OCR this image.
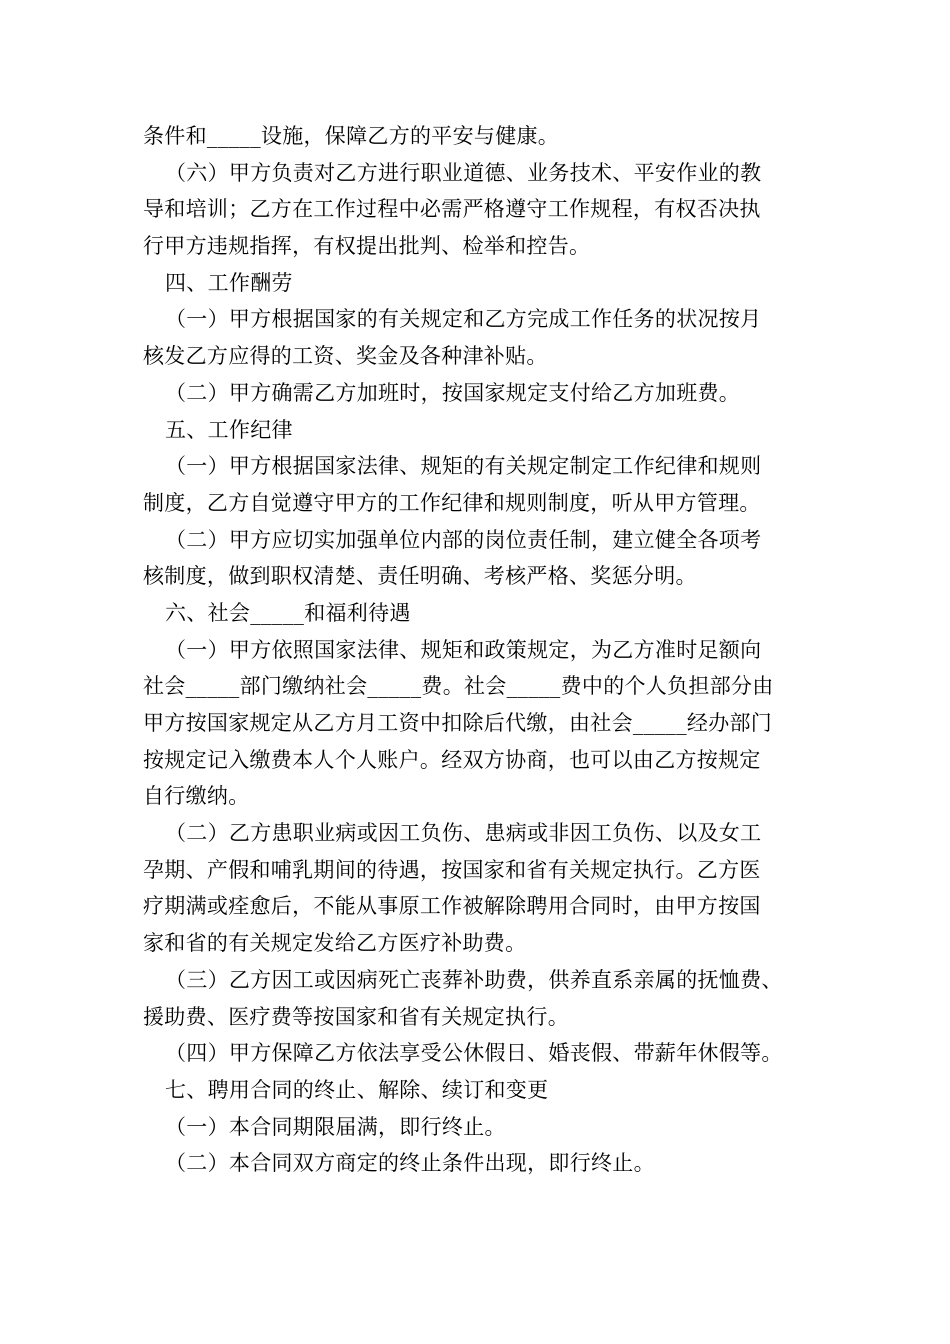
条件和_____设施，保障乙方的平安与健康。
（六）甲方负责对乙方进行职业道德、业务技术、平安作业的教
导和培训；乙方在工作过程中必需严格遵守工作规程，有权否决执
行甲方违规指挥，有权提出批判、检举和控告。
四、工作酬劳
（一）甲方根据国家的有关规定和乙方完成工作任务的状况按月
核发乙方应得的工资、奖金及各种津补贴。
（二）甲方确需乙方加班时，按国家规定支付给乙方加班费。
五、工作纪律
（一）甲方根据国家法律、规矩的有关规定制定工作纪律和规则
制度，乙方自觉遵守甲方的工作纪律和规则制度，听从甲方管理。
（二）甲方应切实加强单位内部的岗位责任制，建立健全各项考
核制度，做到职权清楚、责任明确、考核严格、奖惩分明。
六、社会_____和福利待遇
（一）甲方依照国家法律、规矩和政策规定，为乙方准时足额向
社会_____部门缴纳社会_____费。社会_____费中的个人负担部分由
甲方按国家规定从乙方月工资中扣除后代缴，由社会_____经办部门
按规定记入缴费本人个人账户。经双方协商，也可以由乙方按规定
自行缴纳。
（二）乙方患职业病或因工负伤、患病或非因工负伤、以及女工
孕期、产假和哺乳期间的待遇，按国家和省有关规定执行。乙方医
疗期满或痊愈后，不能从事原工作被解除聘用合同时，由甲方按国
家和省的有关规定发给乙方医疗补助费。
（三）乙方因工或因病死亡丧葬补助费，供养直系亲属的抚恤费、
援助费、医疗费等按国家和省有关规定执行。
（四）甲方保障乙方依法享受公休假日、婚丧假、带薪年休假等。
七、聘用合同的终止、解除、续订和变更
（一）本合同期限届满，即行终止。
（二）本合同双方商定的终止条件出现，即行终止。
